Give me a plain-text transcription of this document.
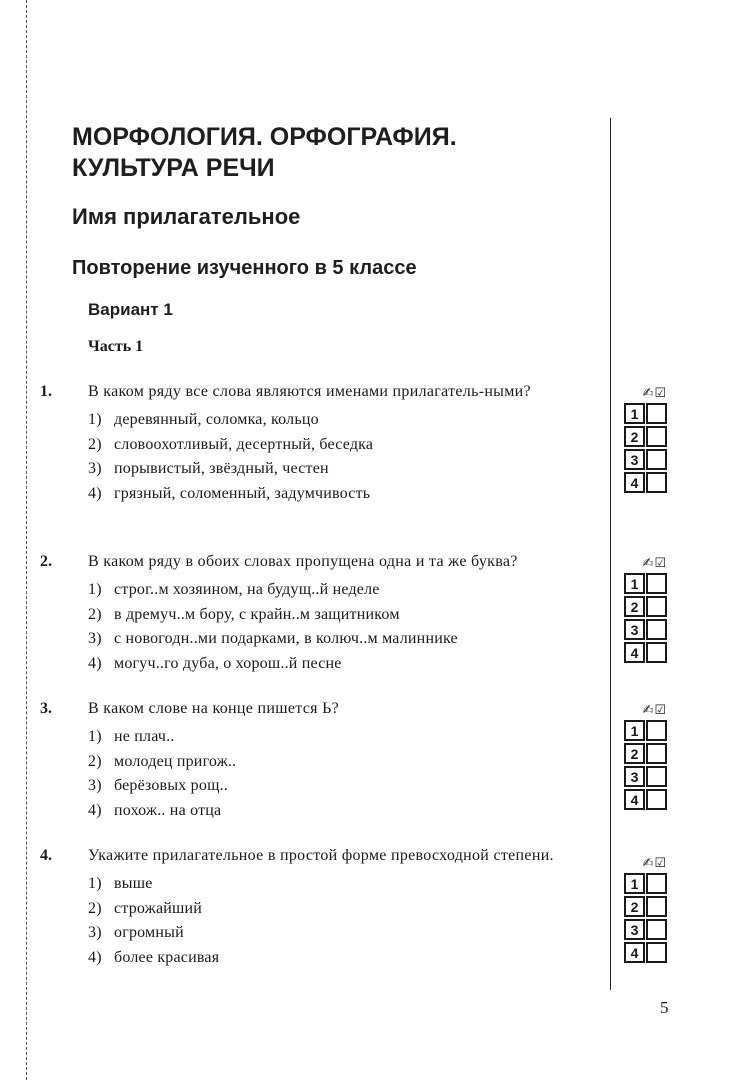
МОРФОЛОГИЯ. ОРФОГРАФИЯ.
КУЛЬТУРА РЕЧИ
Имя прилагательное
Повторение изученного в 5 классе
Вариант 1
Часть 1
1. В каком ряду все слова являются именами прилагатель-ными?
1) деревянный, соломка, кольцо
2) словоохотливый, десертный, беседка
3) порывистый, звёздный, честен
4) грязный, соломенный, задумчивость
2. В каком ряду в обоих словах пропущена одна и та же буква?
1) строг..м хозяином, на будущ..й неделе
2) в дремуч..м бору, с крайн..м защитником
3) с новогодн..ми подарками, в колюч..м малиннике
4) могуч..го дуба, о хорош..й песне
3. В каком слове на конце пишется Ь?
1) не плач..
2) молодец пригож..
3) берёзовых рощ..
4) похож.. на отца
4. Укажите прилагательное в простой форме превосходной степени.
1) выше
2) строжайший
3) огромный
4) более красивая
✍ ☑
1
2
3
4
✍ ☑
1
2
3
4
✍ ☑
1
2
3
4
✍ ☑
1
2
3
4
5
